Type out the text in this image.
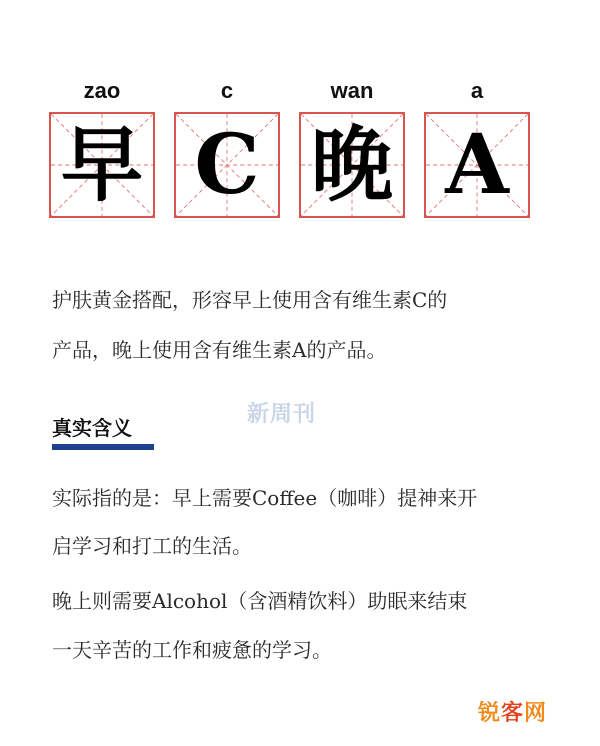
zao	c	wan	a
早 C 晚 A
护肤黄金搭配，形容早上使用含有维生素C的
产品，晚上使用含有维生素A的产品。
新周刊
真实含义
实际指的是：早上需要Coffee（咖啡）提神来开
启学习和打工的生活。
晚上则需要Alcohol（含酒精饮料）助眠来结束
一天辛苦的工作和疲惫的学习。
锐客网
